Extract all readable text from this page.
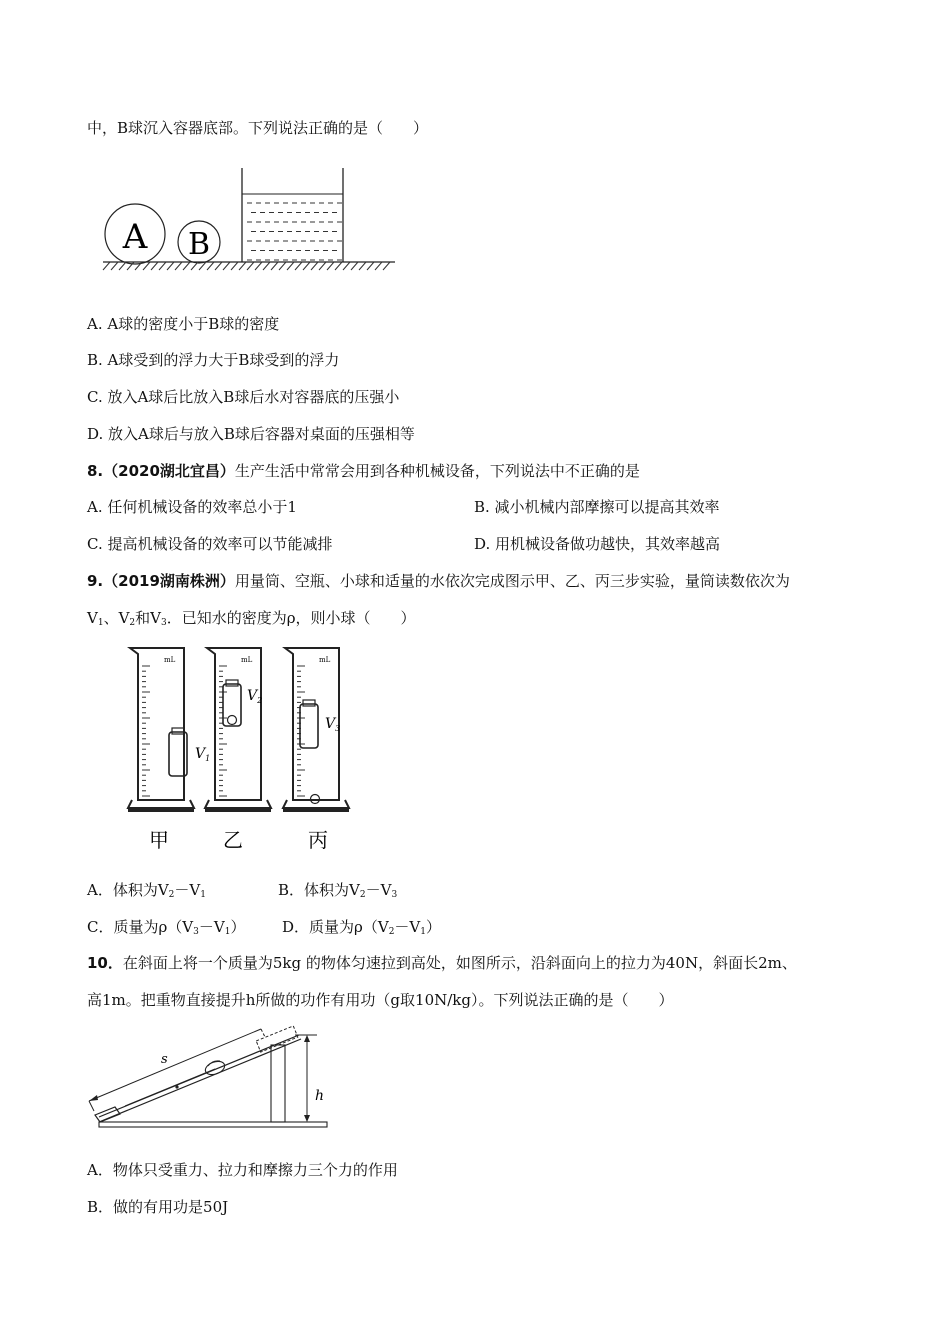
中，B球沉入容器底部。下列说法正确的是（　　）
A B
A. A球的密度小于B球的密度
B. A球受到的浮力大于B球受到的浮力
C. 放入A球后比放入B球后水对容器底的压强小
D. 放入A球后与放入B球后容器对桌面的压强相等
8.（2020湖北宜昌）生产生活中常常会用到各种机械设备，下列说法中不正确的是
A. 任何机械设备的效率总小于1	B. 减小机械内部摩擦可以提高其效率
C. 提高机械设备的效率可以节能减排	D. 用机械设备做功越快，其效率越高
9.（2019湖南株洲）用量筒、空瓶、小球和适量的水依次完成图示甲、乙、丙三步实验，量筒读数依次为
$V_1$、$V_2$和$V_3$．已知水的密度为ρ，则小球（　　）
mL	mL	mL
$V_1$
$V_2$
$V_3$
甲	乙	丙
A．体积为$V_2-V_1$	B．体积为$V_2-V_3$
C．质量为$\rho(V_3-V_1)$ D．质量为$\rho(V_2-V_1)$
10．在斜面上将一个质量为5kg 的物体匀速拉到高处，如图所示，沿斜面向上的拉力为40N，斜面长2m、
高1m。把重物直接提升h所做的功作有用功（g取10N/kg）。下列说法正确的是（　　）
h
s
A．物体只受重力、拉力和摩擦力三个力的作用
B．做的有用功是50J
